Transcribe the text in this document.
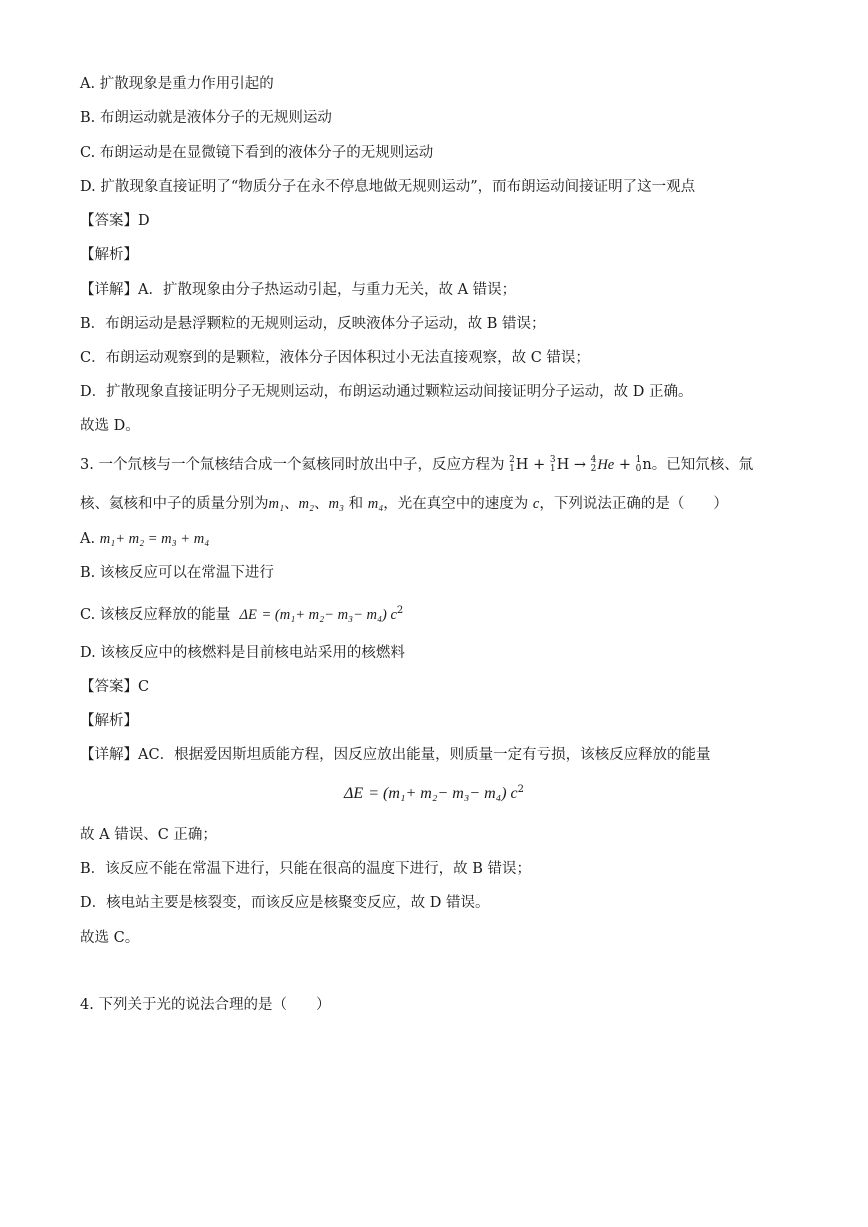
A. 扩散现象是重力作用引起的
B. 布朗运动就是液体分子的无规则运动
C. 布朗运动是在显微镜下看到的液体分子的无规则运动
D. 扩散现象直接证明了“物质分子在永不停息地做无规则运动”，而布朗运动间接证明了这一观点
【答案】D
【解析】
【详解】A．扩散现象由分子热运动引起，与重力无关，故 A 错误；
B．布朗运动是悬浮颗粒的无规则运动，反映液体分子运动，故 B 错误；
C．布朗运动观察到的是颗粒，液体分子因体积过小无法直接观察，故 C 错误；
D．扩散现象直接证明分子无规则运动，布朗运动通过颗粒运动间接证明分子运动，故 D 正确。
故选 D。
3. 一个氘核与一个氚核结合成一个氦核同时放出中子，反应方程为 2
1 H + 3
1 H → 4
2 He + 1
0 n。已知氘核、氚
核、氦核和中子的质量分别为m₁、m₂、m₃ 和 m₄，光在真空中的速度为 c，下列说法正确的是（　　）
A. m₁+ m₂ = m₃ + m₄
B. 该核反应可以在常温下进行
C. 该核反应释放的能量 ΔE = (m₁+ m₂− m₃− m₄) $c^2$
D. 该核反应中的核燃料是目前核电站采用的核燃料
【答案】C
【解析】
【详解】AC．根据爱因斯坦质能方程，因反应放出能量，则质量一定有亏损，该核反应释放的能量
ΔE = (m₁+ m₂− m₃− m₄) $c^2$
故 A 错误、C 正确；
B．该反应不能在常温下进行，只能在很高的温度下进行，故 B 错误；
D．核电站主要是核裂变，而该反应是核聚变反应，故 D 错误。
故选 C。
4. 下列关于光的说法合理的是（　　）
